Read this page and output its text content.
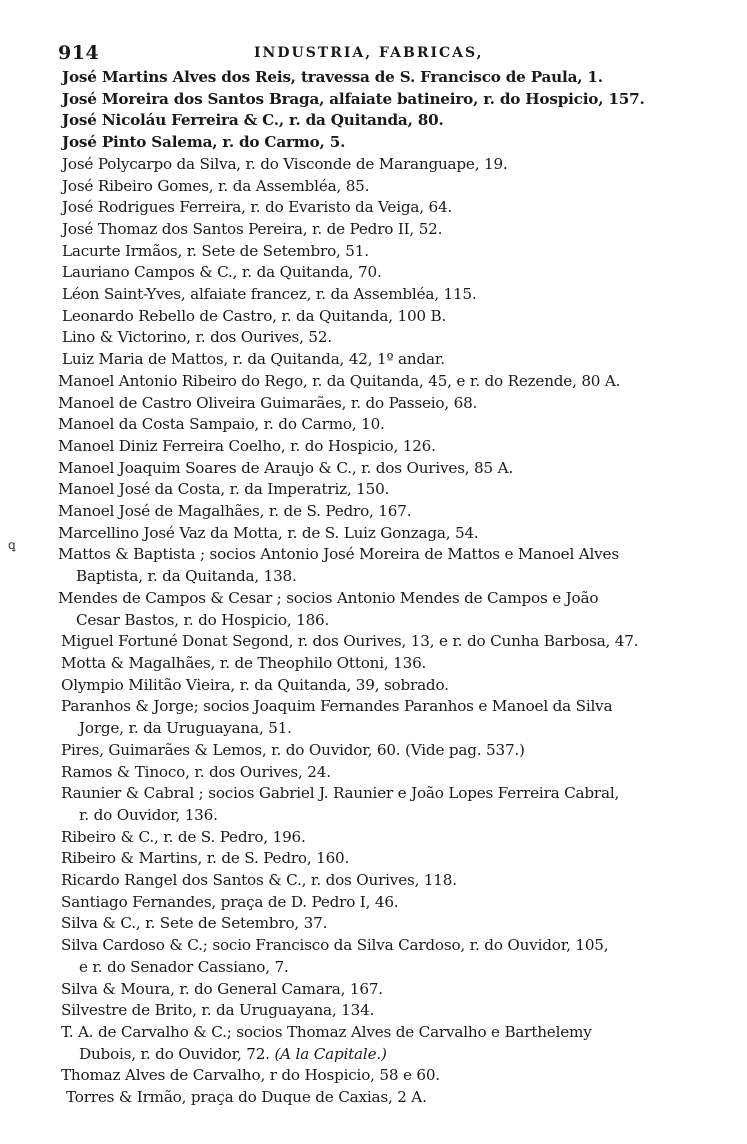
914	INDUSTRIA, FABRICAS,
ꝗ
José Martins Alves dos Reis, travessa de S. Francisco de Paula, 1.
José Moreira dos Santos Braga, alfaiate batineiro, r. do Hospicio, 157.
José Nicoláu Ferreira & C., r. da Quitanda, 80.
José Pinto Salema, r. do Carmo, 5.
José Polycarpo da Silva, r. do Visconde de Maranguape, 19.
José Ribeiro Gomes, r. da Assembléa, 85.
José Rodrigues Ferreira, r. do Evaristo da Veiga, 64.
José Thomaz dos Santos Pereira, r. de Pedro II, 52.
Lacurte Irmãos, r. Sete de Setembro, 51.
Lauriano Campos & C., r. da Quitanda, 70.
Léon Saint-Yves, alfaiate francez, r. da Assembléa, 115.
Leonardo Rebello de Castro, r. da Quitanda, 100 B.
Lino & Victorino, r. dos Ourives, 52.
Luiz Maria de Mattos, r. da Quitanda, 42, 1º andar.
Manoel Antonio Ribeiro do Rego, r. da Quitanda, 45, e r. do Rezende, 80 A.
Manoel de Castro Oliveira Guimarães, r. do Passeio, 68.
Manoel da Costa Sampaio, r. do Carmo, 10.
Manoel Diniz Ferreira Coelho, r. do Hospicio, 126.
Manoel Joaquim Soares de Araujo & C., r. dos Ourives, 85 A.
Manoel José da Costa, r. da Imperatriz, 150.
Manoel José de Magalhães, r. de S. Pedro, 167.
Marcellino José Vaz da Motta, r. de S. Luiz Gonzaga, 54.
Mattos & Baptista ; socios Antonio José Moreira de Mattos e Manoel Alves
Baptista, r. da Quitanda, 138.
Mendes de Campos & Cesar ; socios Antonio Mendes de Campos e João
Cesar Bastos, r. do Hospicio, 186.
Miguel Fortuné Donat Segond, r. dos Ourives, 13, e r. do Cunha Barbosa, 47.
Motta & Magalhães, r. de Theophilo Ottoni, 136.
Olympio Militão Vieira, r. da Quitanda, 39, sobrado.
Paranhos & Jorge; socios Joaquim Fernandes Paranhos e Manoel da Silva
Jorge, r. da Uruguayana, 51.
Pires, Guimarães & Lemos, r. do Ouvidor, 60. (Vide pag. 537.)
Ramos & Tinoco, r. dos Ourives, 24.
Raunier & Cabral ; socios Gabriel J. Raunier e João Lopes Ferreira Cabral,
r. do Ouvidor, 136.
Ribeiro & C., r. de S. Pedro, 196.
Ribeiro & Martins, r. de S. Pedro, 160.
Ricardo Rangel dos Santos & C., r. dos Ourives, 118.
Santiago Fernandes, praça de D. Pedro I, 46.
Silva & C., r. Sete de Setembro, 37.
Silva Cardoso & C.; socio Francisco da Silva Cardoso, r. do Ouvidor, 105,
e r. do Senador Cassiano, 7.
Silva & Moura, r. do General Camara, 167.
Silvestre de Brito, r. da Uruguayana, 134.
T. A. de Carvalho & C.; socios Thomaz Alves de Carvalho e Barthelemy
Dubois, r. do Ouvidor, 72. (A la Capitale.)
Thomaz Alves de Carvalho, r do Hospicio, 58 e 60.
Torres & Irmão, praça do Duque de Caxias, 2 A.
